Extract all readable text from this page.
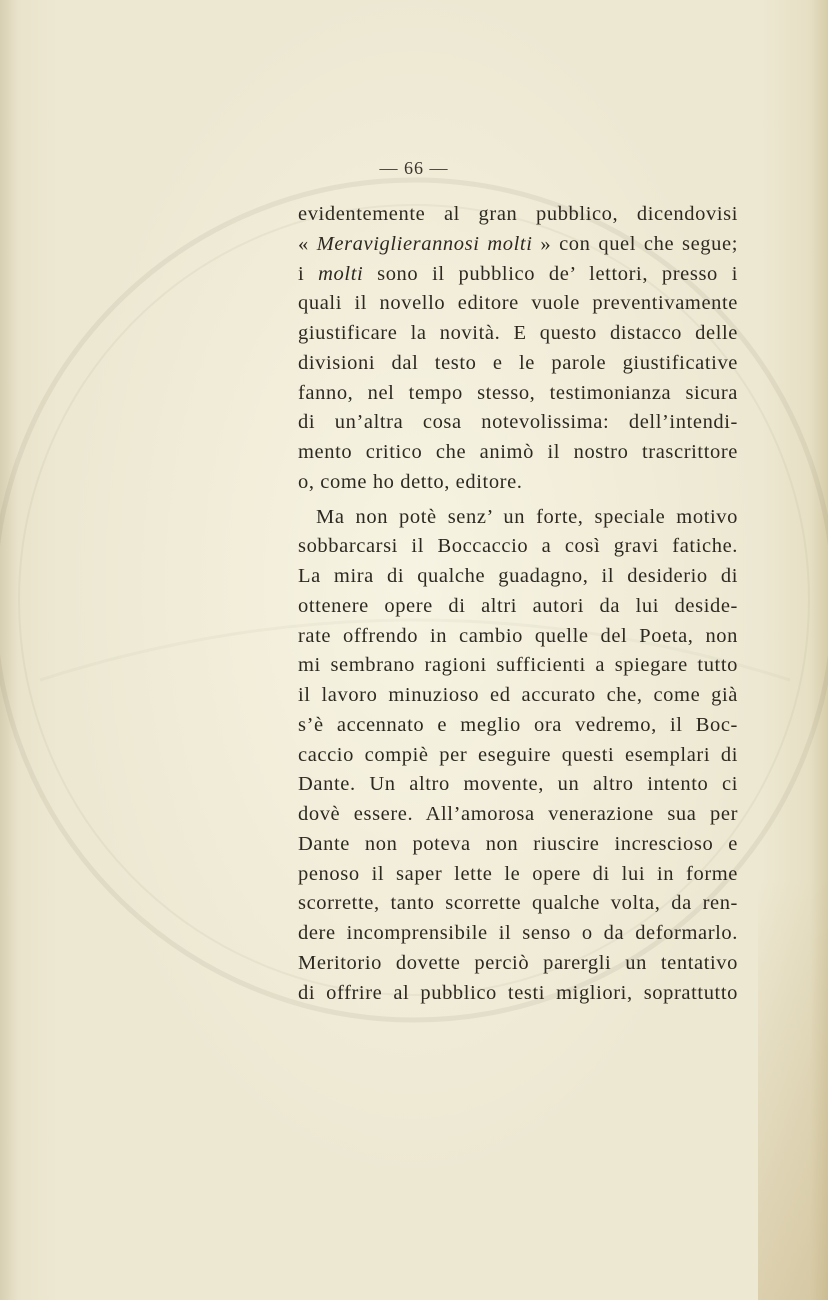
— 66 —
evidentemente al gran pubblico, dicendovisi
« Meraviglierannosi molti » con quel che segue;
i molti sono il pubblico de’ lettori, presso i
quali il novello editore vuole preventivamente
giustificare la novità. E questo distacco delle
divisioni dal testo e le parole giustificative
fanno, nel tempo stesso, testimonianza sicura
di un’altra cosa notevolissima: dell’intendi-
mento critico che animò il nostro trascrittore
o, come ho detto, editore.
Ma non potè senz’ un forte, speciale motivo
sobbarcarsi il Boccaccio a così gravi fatiche.
La mira di qualche guadagno, il desiderio di
ottenere opere di altri autori da lui deside-
rate offrendo in cambio quelle del Poeta, non
mi sembrano ragioni sufficienti a spiegare tutto
il lavoro minuzioso ed accurato che, come già
s’è accennato e meglio ora vedremo, il Boc-
caccio compiè per eseguire questi esemplari di
Dante. Un altro movente, un altro intento ci
dovè essere. All’amorosa venerazione sua per
Dante non poteva non riuscire increscioso e
penoso il saper lette le opere di lui in forme
scorrette, tanto scorrette qualche volta, da ren-
dere incomprensibile il senso o da deformarlo.
Meritorio dovette perciò parergli un tentativo
di offrire al pubblico testi migliori, soprattutto
